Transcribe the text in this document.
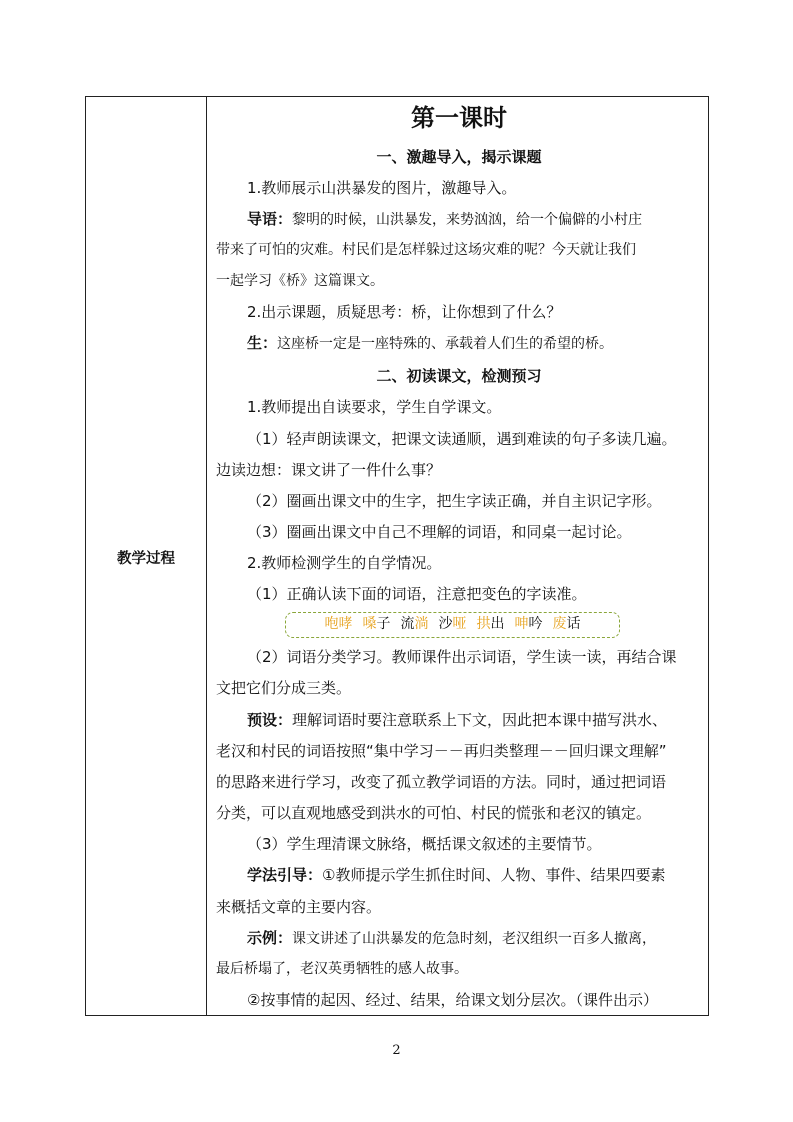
教学过程
第一课时
一、激趣导入，揭示课题
1.教师展示山洪暴发的图片，激趣导入。
导语：黎明的时候，山洪暴发，来势汹汹，给一个偏僻的小村庄
带来了可怕的灾难。村民们是怎样躲过这场灾难的呢？今天就让我们
一起学习《桥》这篇课文。
2.出示课题，质疑思考：桥，让你想到了什么？
生：这座桥一定是一座特殊的、承载着人们生的希望的桥。
二、初读课文，检测预习
1.教师提出自读要求，学生自学课文。
（1）轻声朗读课文，把课文读通顺，遇到难读的句子多读几遍。
边读边想：课文讲了一件什么事？
（2）圈画出课文中的生字，把生字读正确，并自主识记字形。
（3）圈画出课文中自己不理解的词语，和同桌一起讨论。
2.教师检测学生的自学情况。
（1）正确认读下面的词语，注意把变色的字读准。
咆哮 嗓子 流淌 沙哑 拱出 呻吟 废话
（2）词语分类学习。教师课件出示词语，学生读一读，再结合课
文把它们分成三类。
预设：理解词语时要注意联系上下文，因此把本课中描写洪水、
老汉和村民的词语按照“集中学习－－再归类整理－－回归课文理解”
的思路来进行学习，改变了孤立教学词语的方法。同时，通过把词语
分类，可以直观地感受到洪水的可怕、村民的慌张和老汉的镇定。
（3）学生理清课文脉络，概括课文叙述的主要情节。
学法引导：①教师提示学生抓住时间、人物、事件、结果四要素
来概括文章的主要内容。
示例：课文讲述了山洪暴发的危急时刻，老汉组织一百多人撤离，
最后桥塌了，老汉英勇牺牲的感人故事。
②按事情的起因、经过、结果，给课文划分层次。（课件出示）
2
